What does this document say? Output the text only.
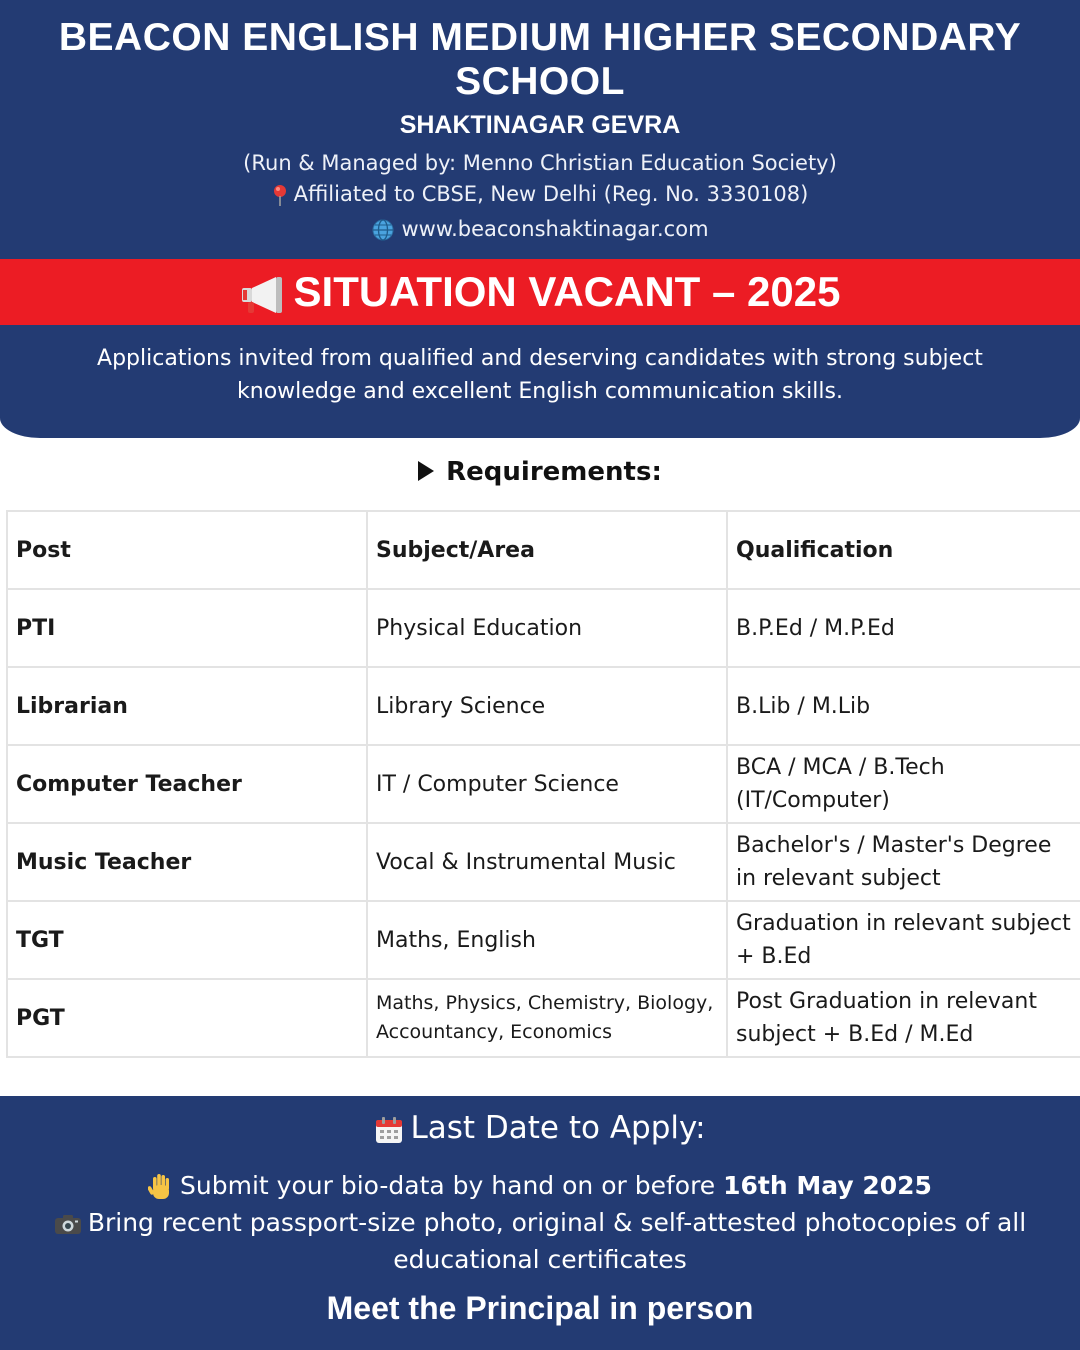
BEACON ENGLISH MEDIUM HIGHER SECONDARY SCHOOL
SHAKTINAGAR GEVRA
(Run & Managed by: Menno Christian Education Society)
Affiliated to CBSE, New Delhi (Reg. No. 3330108)
www.beaconshaktinagar.com
Applications invited from qualified and deserving candidates with strong subject knowledge and excellent English communication skills.
SITUATION VACANT – 2025
Requirements:
Post	Subject/Area	Qualification
PTI	Physical Education	B.P.Ed / M.P.Ed
Librarian	Library Science	B.Lib / M.Lib
Computer Teacher	IT / Computer Science	BCA / MCA / B.Tech (IT/Computer)
Music Teacher	Vocal & Instrumental Music	Bachelor's / Master's Degree in relevant subject
TGT	Maths, English	Graduation in relevant subject + B.Ed
PGT	Maths, Physics, Chemistry, Biology, Accountancy, Economics	Post Graduation in relevant subject + B.Ed / M.Ed
Last Date to Apply:
Submit your bio-data by hand on or before 16th May 2025
Bring recent passport-size photo, original & self-attested photocopies of all educational certificates
Meet the Principal in person
